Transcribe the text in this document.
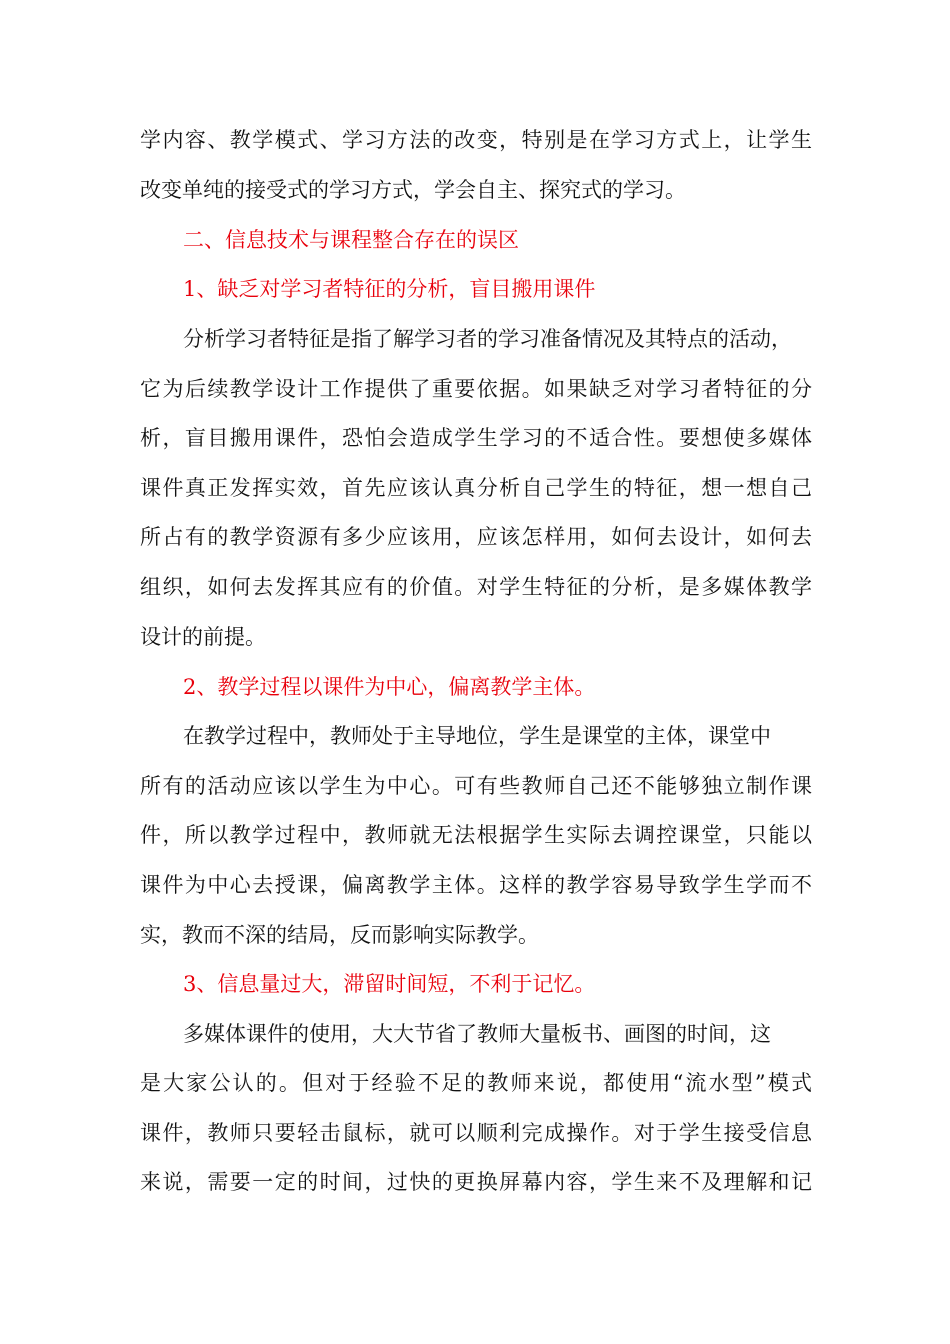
学内容、教学模式、学习方法的改变，特别是在学习方式上，让学生
改变单纯的接受式的学习方式，学会自主、探究式的学习。
二、信息技术与课程整合存在的误区
1、缺乏对学习者特征的分析，盲目搬用课件
分析学习者特征是指了解学习者的学习准备情况及其特点的活动，
它为后续教学设计工作提供了重要依据。如果缺乏对学习者特征的分
析，盲目搬用课件，恐怕会造成学生学习的不适合性。要想使多媒体
课件真正发挥实效，首先应该认真分析自己学生的特征，想一想自己
所占有的教学资源有多少应该用，应该怎样用，如何去设计，如何去
组织，如何去发挥其应有的价值。对学生特征的分析，是多媒体教学
设计的前提。
2、教学过程以课件为中心，偏离教学主体。
在教学过程中，教师处于主导地位，学生是课堂的主体，课堂中
所有的活动应该以学生为中心。可有些教师自己还不能够独立制作课
件，所以教学过程中，教师就无法根据学生实际去调控课堂，只能以
课件为中心去授课，偏离教学主体。这样的教学容易导致学生学而不
实，教而不深的结局，反而影响实际教学。
3、信息量过大，滞留时间短，不利于记忆。
多媒体课件的使用，大大节省了教师大量板书、画图的时间，这
是大家公认的。但对于经验不足的教师来说，都使用“流水型”模式
课件，教师只要轻击鼠标，就可以顺利完成操作。对于学生接受信息
来说，需要一定的时间，过快的更换屏幕内容，学生来不及理解和记
